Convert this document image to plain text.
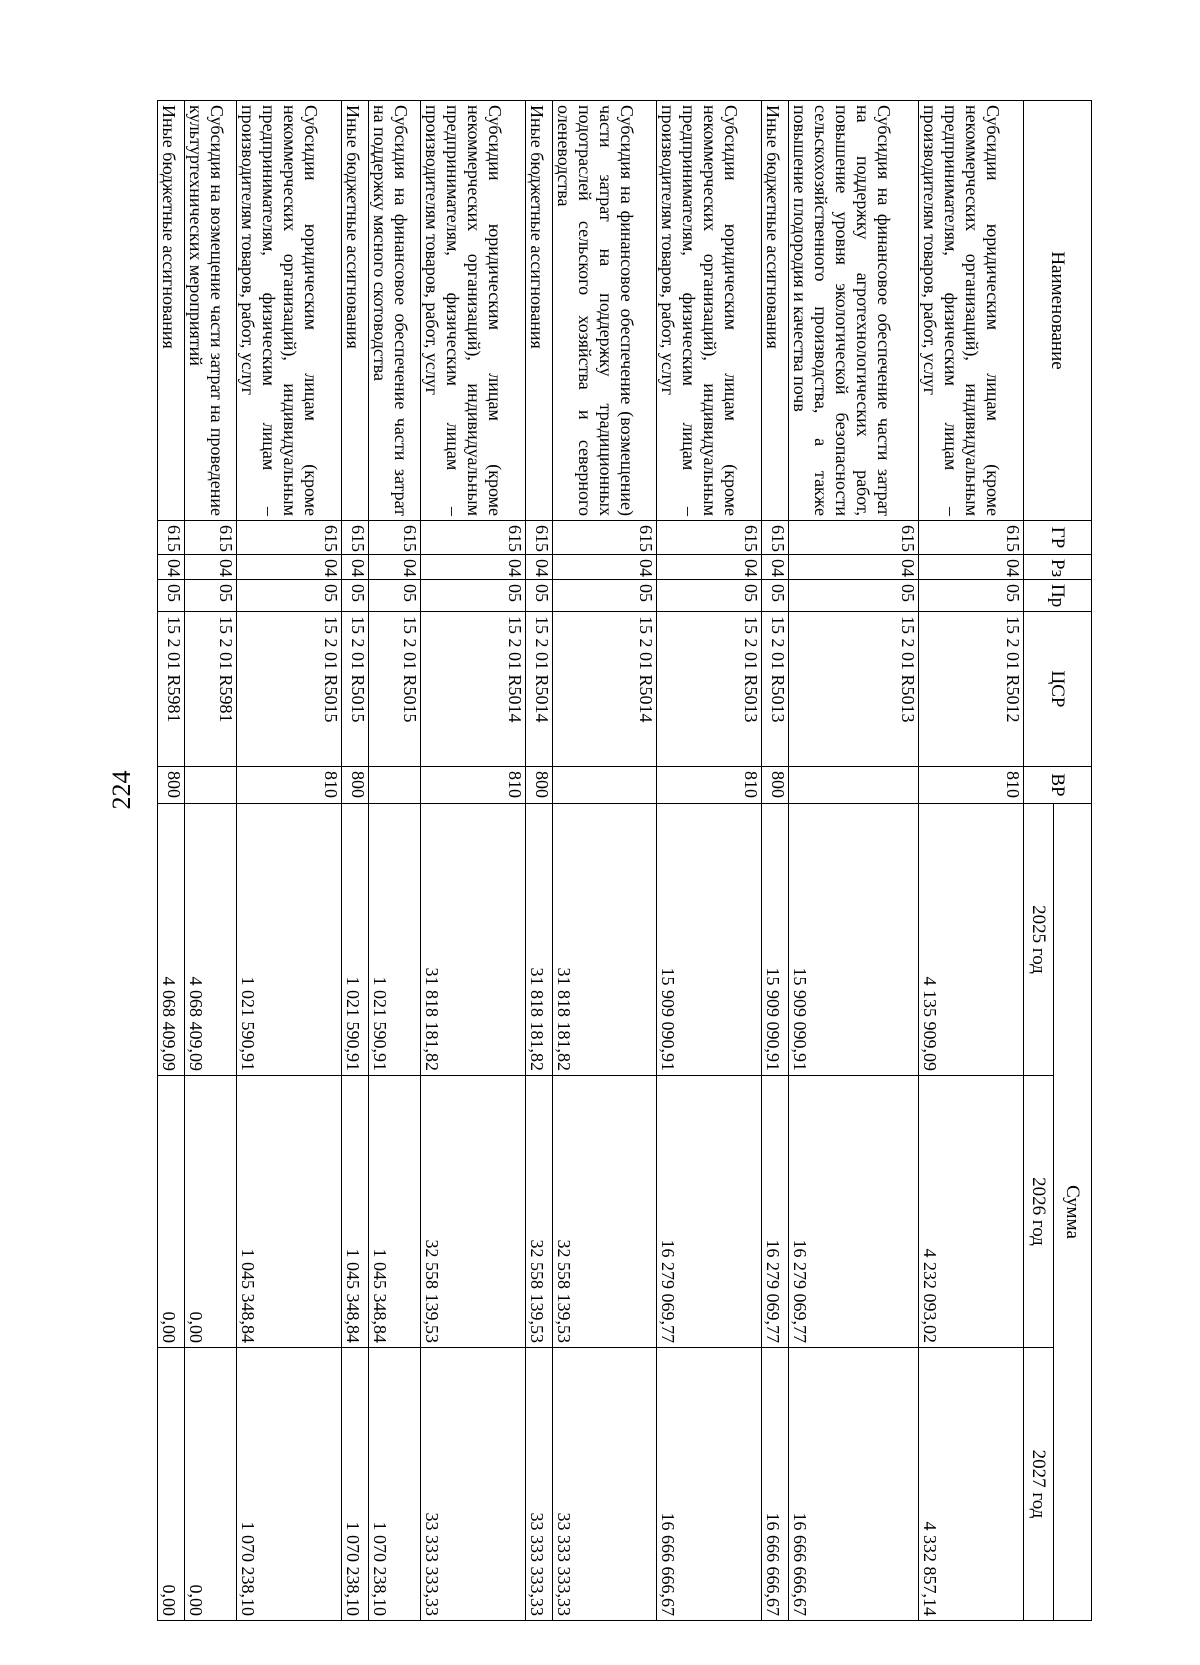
224
Наименование	ГР	Рз	Пр	ЦСР	ВР	Сумма		
						2025 год	2026 год	2027 год
Субсидии юридическим лицам (кроме некоммерческих организаций), индивидуальным предпринимателям, физическим лицам – производителям товаров, работ, услуг	615	04	05	15 2 01 R5012	810	4 135 909,09	4 232 093,02	4 332 857,14
Субсидия на финансовое обеспечение части затрат на поддержку агротехнологических работ, повышение уровня экологической безопасности сельскохозяйственного производства, а также повышение плодородия и качества почв	615	04	05	15 2 01 R5013		15 909 090,91	16 279 069,77	16 666 666,67
Иные бюджетные ассигнования	615	04	05	15 2 01 R5013	800	15 909 090,91	16 279 069,77	16 666 666,67
Субсидии юридическим лицам (кроме некоммерческих организаций), индивидуальным предпринимателям, физическим лицам – производителям товаров, работ, услуг	615	04	05	15 2 01 R5013	810	15 909 090,91	16 279 069,77	16 666 666,67
Субсидия на финансовое обеспечение (возмещение) части затрат на поддержку традиционных подотраслей сельского хозяйства и северного оленеводства	615	04	05	15 2 01 R5014		31 818 181,82	32 558 139,53	33 333 333,33
Иные бюджетные ассигнования	615	04	05	15 2 01 R5014	800	31 818 181,82	32 558 139,53	33 333 333,33
Субсидии юридическим лицам (кроме некоммерческих организаций), индивидуальным предпринимателям, физическим лицам – производителям товаров, работ, услуг	615	04	05	15 2 01 R5014	810	31 818 181,82	32 558 139,53	33 333 333,33
Субсидия на финансовое обеспечение части затрат на поддержку мясного скотоводства	615	04	05	15 2 01 R5015		1 021 590,91	1 045 348,84	1 070 238,10
Иные бюджетные ассигнования	615	04	05	15 2 01 R5015	800	1 021 590,91	1 045 348,84	1 070 238,10
Субсидии юридическим лицам (кроме некоммерческих организаций), индивидуальным предпринимателям, физическим лицам – производителям товаров, работ, услуг	615	04	05	15 2 01 R5015	810	1 021 590,91	1 045 348,84	1 070 238,10
Субсидия на возмещение части затрат на проведение культуртехнических мероприятий	615	04	05	15 2 01 R5981		4 068 409,09	0,00	0,00
Иные бюджетные ассигнования	615	04	05	15 2 01 R5981	800	4 068 409,09	0,00	0,00
